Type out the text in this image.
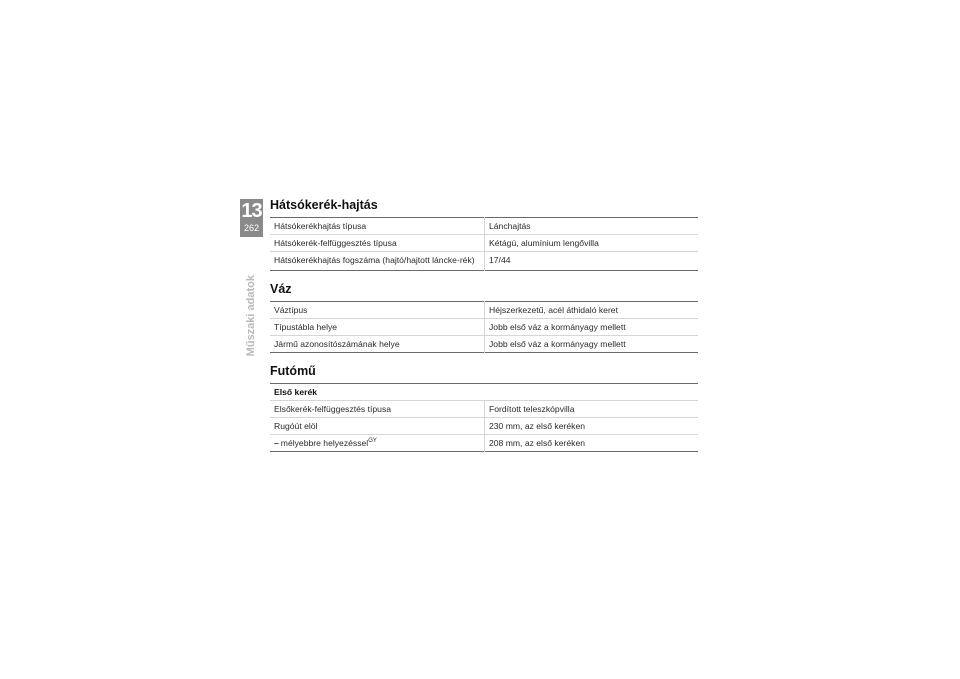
13
262
Műszaki adatok
Hátsókerék-hajtás
Hátsókerékhajtás típusa	Lánchajtás
Hátsókerék-felfüggesztés típusa	Kétágú, alumínium lengővilla
Hátsókerékhajtás fogszáma (hajtó/hajtott láncke-rék)	17/44
Váz
Váztípus	Héjszerkezetű, acél áthidaló keret
Típustábla helye	Jobb első váz a kormányagy mellett
Jármű azonosítószámának helye	Jobb első váz a kormányagy mellett
Futómű
Első kerék	
Elsőkerék-felfüggesztés típusa	Fordított teleszkópvilla
Rugóút elöl	230 mm, az első keréken
– mélyebbre helyezéssel$^{GY}$	208 mm, az első keréken
